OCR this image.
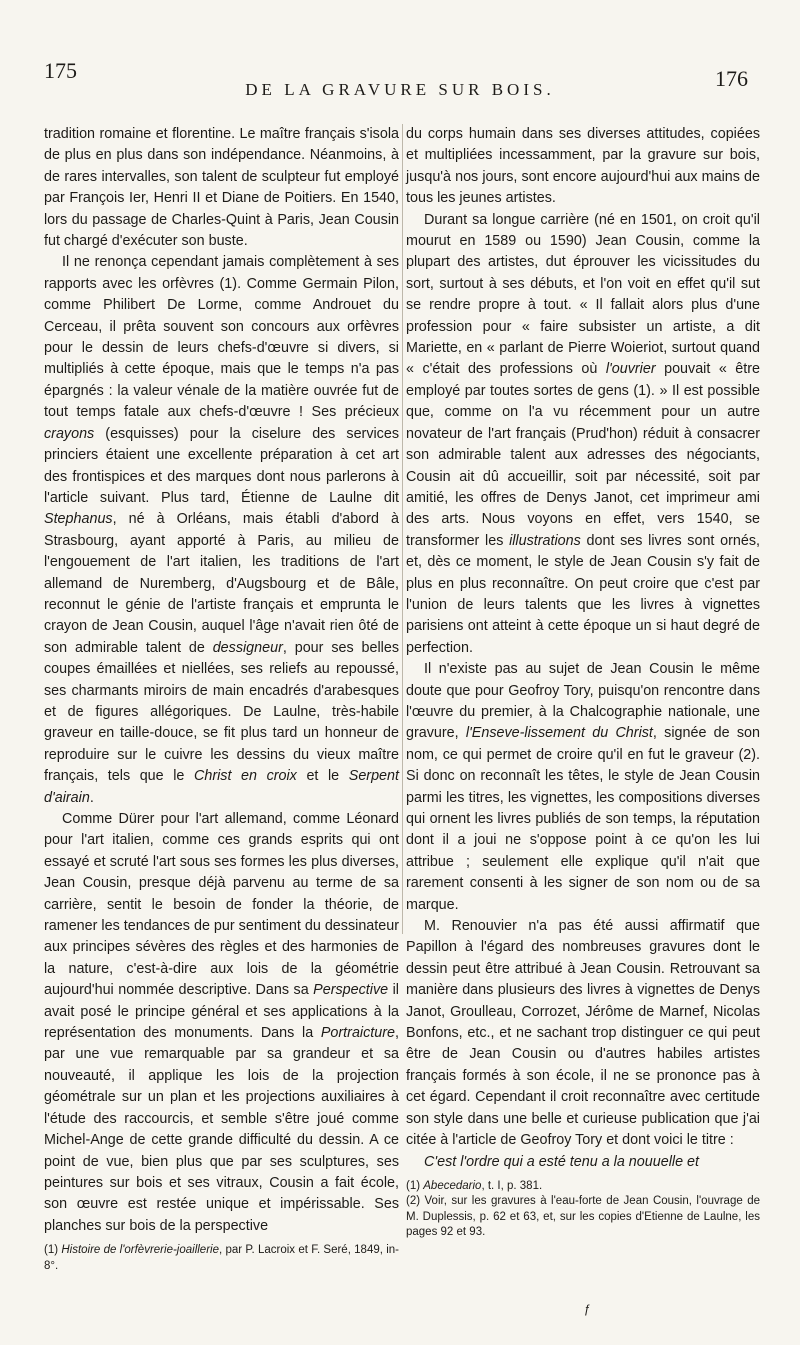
175
DE LA GRAVURE SUR BOIS.	176

tradition romaine et florentine. Le maître français s'isola de plus en plus dans son indépendance. Néanmoins, à de rares intervalles, son talent de sculpteur fut employé par François Ier, Henri II et Diane de Poitiers. En 1540, lors du passage de Charles-Quint à Paris, Jean Cousin fut chargé d'exécuter son buste.

Il ne renonça cependant jamais complètement à ses rapports avec les orfèvres (1). Comme Germain Pilon, comme Philibert De Lorme, comme Androuet du Cerceau, il prêta souvent son concours aux orfèvres pour le dessin de leurs chefs-d'œuvre si divers, si multipliés à cette époque, mais que le temps n'a pas épargnés : la valeur vénale de la matière ouvrée fut de tout temps fatale aux chefs-d'œuvre ! Ses précieux crayons (esquisses) pour la ciselure des services princiers étaient une excellente préparation à cet art des frontispices et des marques dont nous parlerons à l'article suivant. Plus tard, Étienne de Laulne dit Stephanus, né à Orléans, mais établi d'abord à Strasbourg, ayant apporté à Paris, au milieu de l'engouement de l'art italien, les traditions de l'art allemand de Nuremberg, d'Augsbourg et de Bâle, reconnut le génie de l'artiste français et emprunta le crayon de Jean Cousin, auquel l'âge n'avait rien ôté de son admirable talent de dessigneur, pour ses belles coupes émaillées et niellées, ses reliefs au repoussé, ses charmants miroirs de main encadrés d'arabesques et de figures allégoriques. De Laulne, très-habile graveur en taille-douce, se fit plus tard un honneur de reproduire sur le cuivre les dessins du vieux maître français, tels que le Christ en croix et le Serpent d'airain.

Comme Dürer pour l'art allemand, comme Léonard pour l'art italien, comme ces grands esprits qui ont essayé et scruté l'art sous ses formes les plus diverses, Jean Cousin, presque déjà parvenu au terme de sa carrière, sentit le besoin de fonder la théorie, de ramener les tendances de pur sentiment du dessinateur aux principes sévères des règles et des harmonies de la nature, c'est-à-dire aux lois de la géométrie aujourd'hui nommée descriptive. Dans sa Perspective il avait posé le principe général et ses applications à la représentation des monuments. Dans la Portraicture, par une vue remarquable par sa grandeur et sa nouveauté, il applique les lois de la projection géométrale sur un plan et les projections auxiliaires à l'étude des raccourcis, et semble s'être joué comme Michel-Ange de cette grande difficulté du dessin. A ce point de vue, bien plus que par ses sculptures, ses peintures sur bois et ses vitraux, Cousin a fait école, son œuvre est restée unique et impérissable. Ses planches sur bois de la perspective

(1) Histoire de l'orfèvrerie-joaillerie, par P. Lacroix et F. Seré, 1849, in-8°.

du corps humain dans ses diverses attitudes, copiées et multipliées incessamment, par la gravure sur bois, jusqu'à nos jours, sont encore aujourd'hui aux mains de tous les jeunes artistes.

Durant sa longue carrière (né en 1501, on croit qu'il mourut en 1589 ou 1590) Jean Cousin, comme la plupart des artistes, dut éprouver les vicissitudes du sort, surtout à ses débuts, et l'on voit en effet qu'il sut se rendre propre à tout. « Il fallait alors plus d'une profession pour « faire subsister un artiste, a dit Mariette, en « parlant de Pierre Woieriot, surtout quand « c'était des professions où l'ouvrier pouvait « être employé par toutes sortes de gens (1). » Il est possible que, comme on l'a vu récemment pour un autre novateur de l'art français (Prud'hon) réduit à consacrer son admirable talent aux adresses des négociants, Cousin ait dû accueillir, soit par nécessité, soit par amitié, les offres de Denys Janot, cet imprimeur ami des arts. Nous voyons en effet, vers 1540, se transformer les illustrations dont ses livres sont ornés, et, dès ce moment, le style de Jean Cousin s'y fait de plus en plus reconnaître. On peut croire que c'est par l'union de leurs talents que les livres à vignettes parisiens ont atteint à cette époque un si haut degré de perfection.

Il n'existe pas au sujet de Jean Cousin le même doute que pour Geofroy Tory, puisqu'on rencontre dans l'œuvre du premier, à la Chalcographie nationale, une gravure, l'Enseve-lissement du Christ, signée de son nom, ce qui permet de croire qu'il en fut le graveur (2). Si donc on reconnaît les têtes, le style de Jean Cousin parmi les titres, les vignettes, les compositions diverses qui ornent les livres publiés de son temps, la réputation dont il a joui ne s'oppose point à ce qu'on les lui attribue ; seulement elle explique qu'il n'ait que rarement consenti à les signer de son nom ou de sa marque.

M. Renouvier n'a pas été aussi affirmatif que Papillon à l'égard des nombreuses gravures dont le dessin peut être attribué à Jean Cousin. Retrouvant sa manière dans plusieurs des livres à vignettes de Denys Janot, Groulleau, Corrozet, Jérôme de Marnef, Nicolas Bonfons, etc., et ne sachant trop distinguer ce qui peut être de Jean Cousin ou d'autres habiles artistes français formés à son école, il ne se prononce pas à cet égard. Cependant il croit reconnaître avec certitude son style dans une belle et curieuse publication que j'ai citée à l'article de Geofroy Tory et dont voici le titre :

C'est l'ordre qui a esté tenu a la nouuelle et

(1) Abecedario, t. I, p. 381.

(2) Voir, sur les gravures à l'eau-forte de Jean Cousin, l'ouvrage de M. Duplessis, p. 62 et 63, et, sur les copies d'Etienne de Laulne, les pages 92 et 93.

ƒ
